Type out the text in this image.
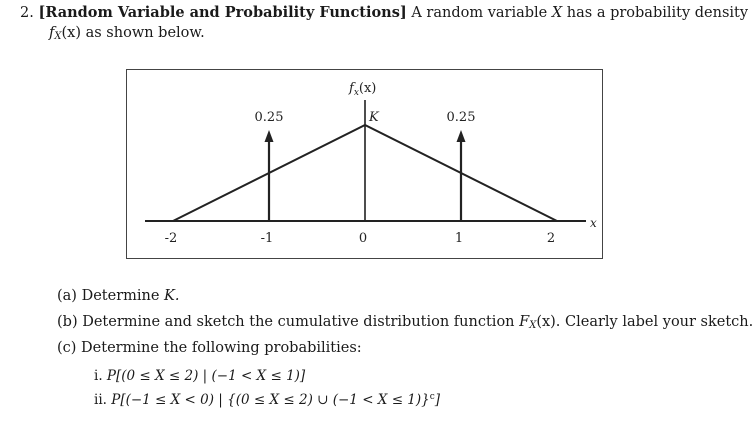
2. [Random Variable and Probability Functions] A random variable X has a probability density
$f_X(x)$ as shown below.
0.25	0.25
-2	-1	0	1	2
$f_x(x)$
K
x
(a) Determine K.
(b) Determine and sketch the cumulative distribution function $F_X(x)$. Clearly label your sketch.
(c) Determine the following probabilities:
i. P[(0 ≤ X ≤ 2) | (−1 < X ≤ 1)]
ii. P[(−1 ≤ X < 0) | {(0 ≤ X ≤ 2) ∪ (−1 < X ≤ 1)}$^c$]
